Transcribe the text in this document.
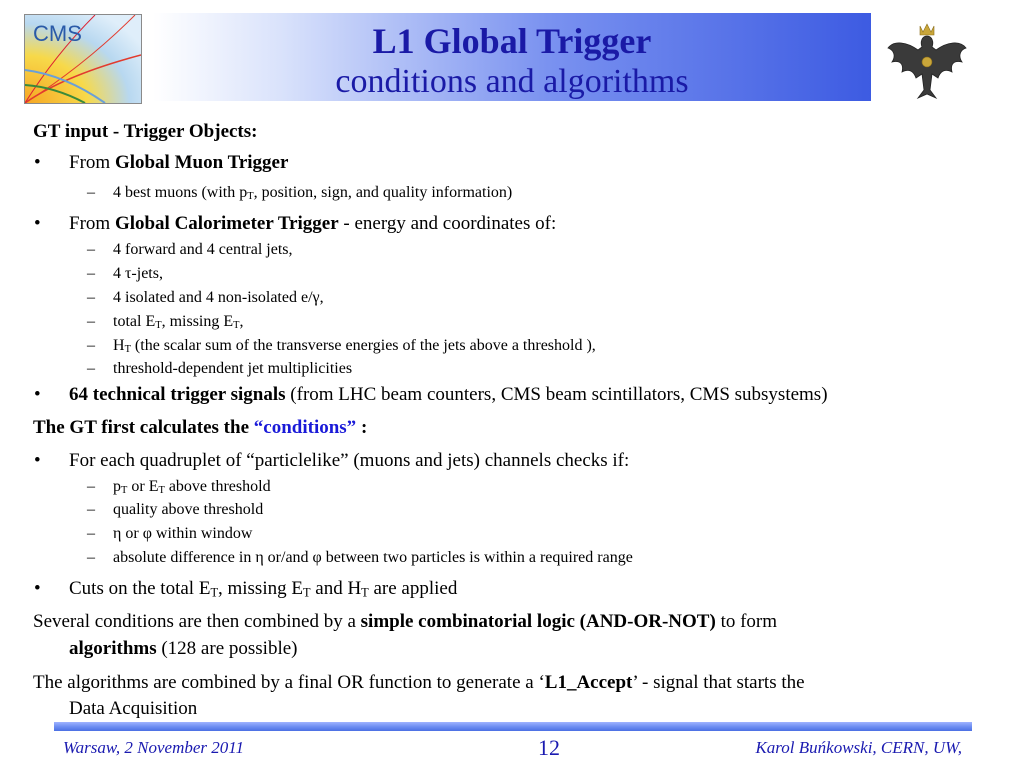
CMS	L1 Global Trigger
conditions and algorithms
GT input - Trigger Objects:
• From Global Muon Trigger
– 4 best muons (with $p_T$, position, sign, and quality information)
• From Global Calorimeter Trigger - energy and coordinates of:
– 4 forward and 4 central jets,
– 4 τ-jets,
– 4 isolated and 4 non-isolated e/γ,
– total $E_T$, missing $E_T$,
– $H_T$ (the scalar sum of the transverse energies of the jets above a threshold ),
– threshold-dependent jet multiplicities
• 64 technical trigger signals (from LHC beam counters, CMS beam scintillators, CMS subsystems)
The GT first calculates the “conditions” :
• For each quadruplet of “particlelike” (muons and jets) channels checks if:
– $p_T$ or $E_T$ above threshold
– quality above threshold
– η or φ within window
– absolute difference in η or/and φ between two particles is within a required range
• Cuts on the total $E_T$, missing $E_T$ and $H_T$ are applied
Several conditions are then combined by a simple combinatorial logic (AND-OR-NOT) to form
algorithms (128 are possible)
The algorithms are combined by a final OR function to generate a ‘L1_Accept’ - signal that starts the
Data Acquisition
Warsaw, 2 November 2011	12	Karol Buńkowski, CERN, UW,
